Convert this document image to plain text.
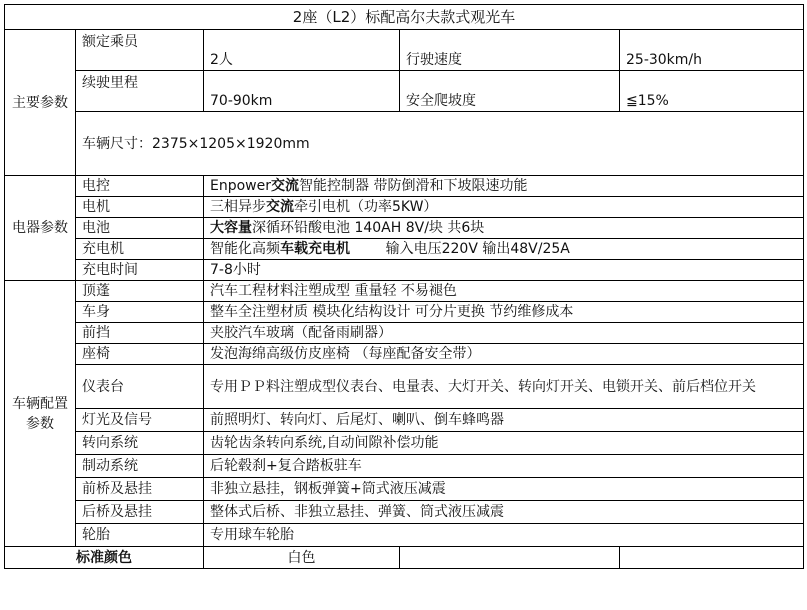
2座（L2）标配高尔夫款式观光车				
主要参数	额定乘员	2人	行驶速度	25-30km/h
	续驶里程	70-90km	安全爬坡度	≦15%
	车辆尺寸：2375×1205×1920mm			
电器参数	电控	Enpower交流智能控制器 带防倒滑和下坡限速功能		
	电机	三相异步交流牵引电机（功率5KW）		
	电池	大容量深循环铅酸电池 140AH 8V/块 共6块		
	充电机	智能化高频车载充电机        输入电压220V 输出48V/25A		
	充电时间	7-8小时		
车辆配置参数	顶蓬	汽车工程材料注塑成型 重量轻 不易褪色		
	车身	整车全注塑材质 模块化结构设计 可分片更换 节约维修成本		
	前挡	夹胶汽车玻璃（配备雨刷器）		
	座椅	发泡海绵高级仿皮座椅 （每座配备安全带）		
	仪表台	专用ＰＰ料注塑成型仪表台、电量表、大灯开关、转向灯开关、电锁开关、前后档位开关		
	灯光及信号	前照明灯、转向灯、后尾灯、喇叭、倒车蜂鸣器		
	转向系统	齿轮齿条转向系统,自动间隙补偿功能		
	制动系统	后轮毂刹+复合踏板驻车		
	前桥及悬挂	非独立悬挂，钢板弹簧+筒式液压减震		
	后桥及悬挂	整体式后桥、非独立悬挂、弹簧、筒式液压减震		
	轮胎	专用球车轮胎		
标准颜色		白色		
